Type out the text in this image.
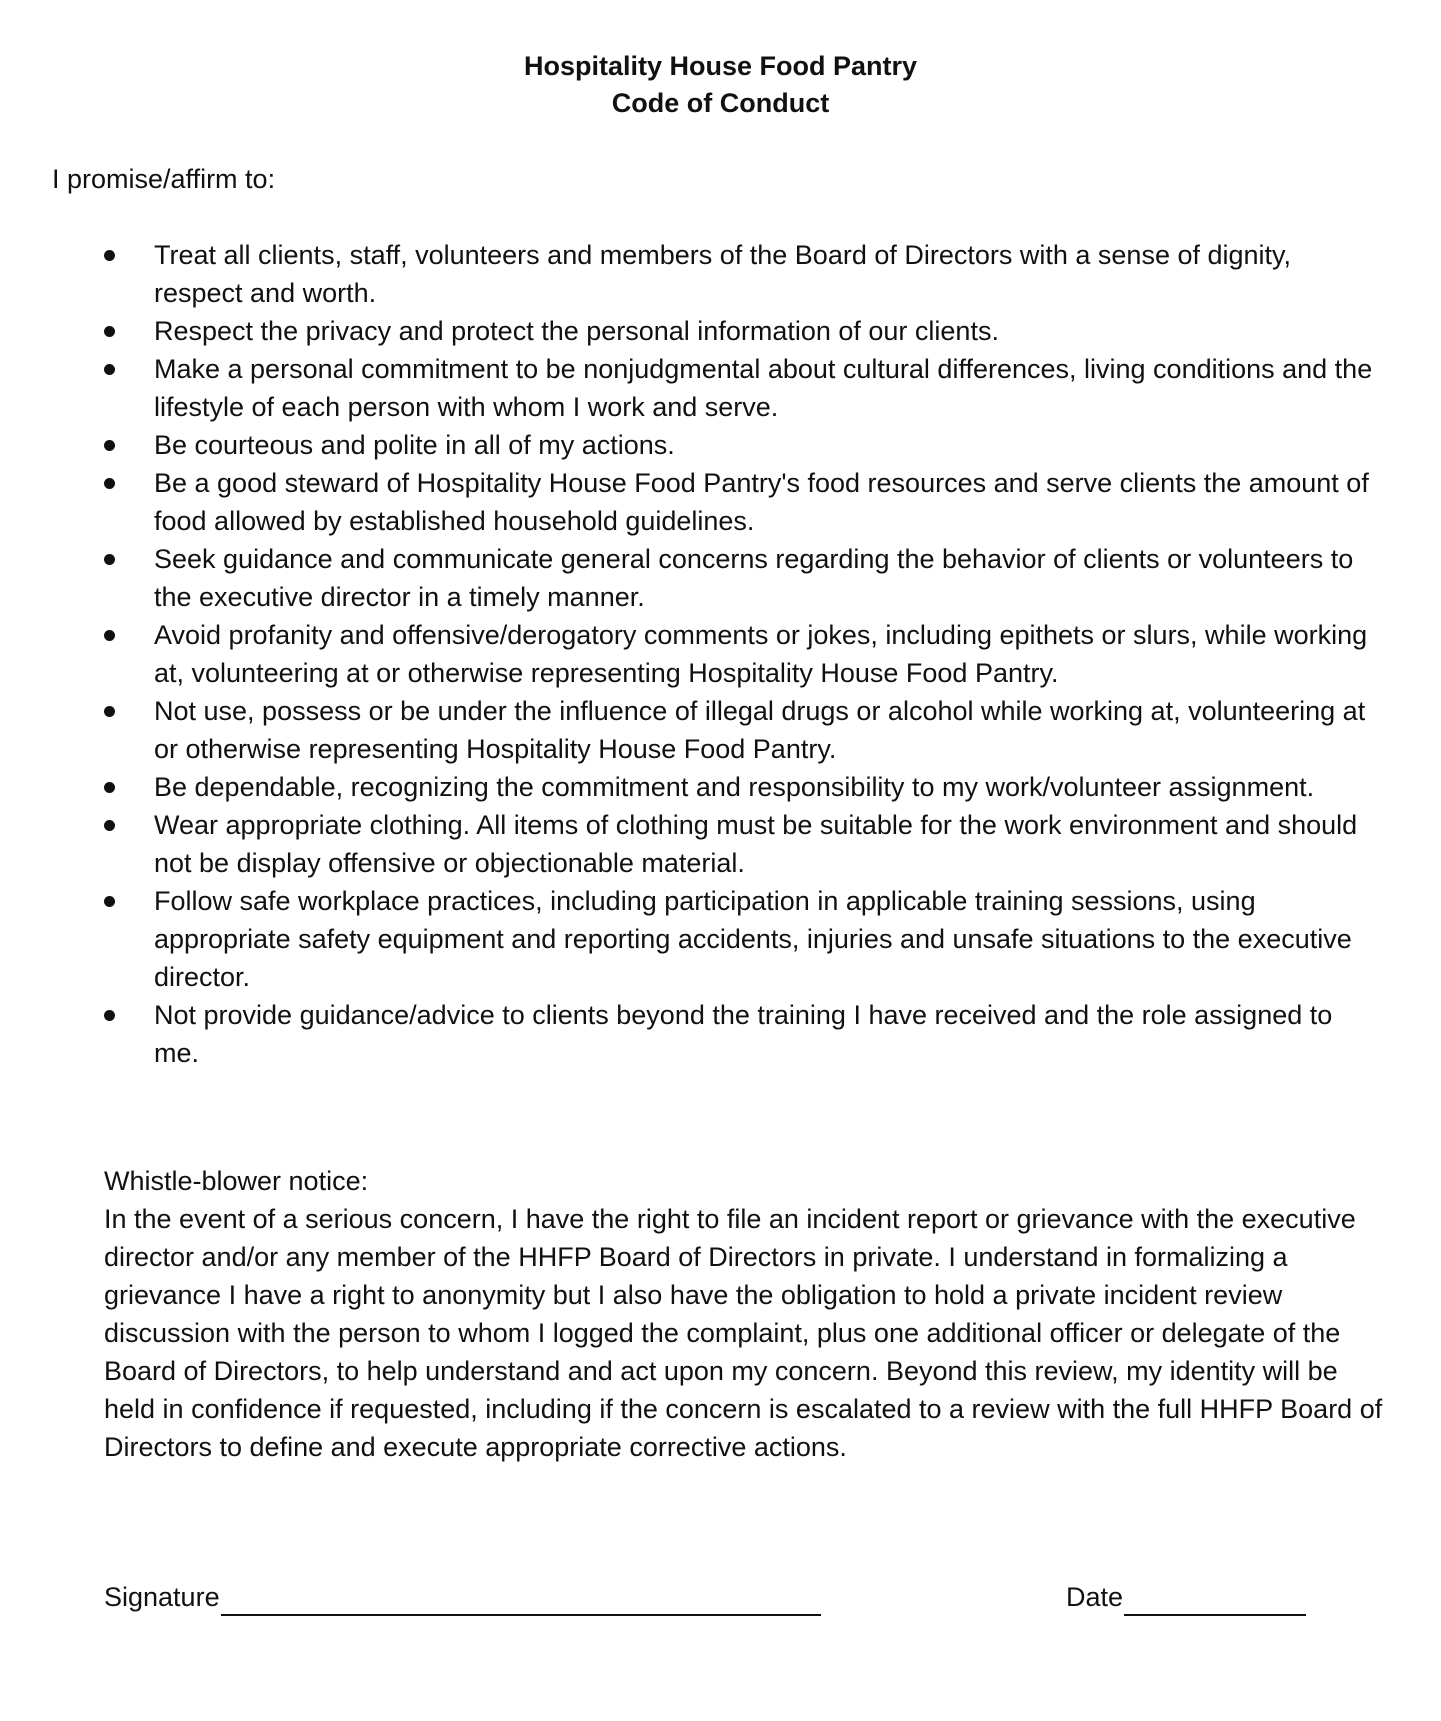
Hospitality House Food Pantry
Code of Conduct

I promise/affirm to:

Treat all clients, staff, volunteers and members of the Board of Directors with a sense of dignity, respect and worth.
Respect the privacy and protect the personal information of our clients.
Make a personal commitment to be nonjudgmental about cultural differences, living conditions and the lifestyle of each person with whom I work and serve.
Be courteous and polite in all of my actions.
Be a good steward of Hospitality House Food Pantry's food resources and serve clients the amount of food allowed by established household guidelines.
Seek guidance and communicate general concerns regarding the behavior of clients or volunteers to the executive director in a timely manner.
Avoid profanity and offensive/derogatory comments or jokes, including epithets or slurs, while working at, volunteering at or otherwise representing Hospitality House Food Pantry.
Not use, possess or be under the influence of illegal drugs or alcohol while working at, volunteering at or otherwise representing Hospitality House Food Pantry.
Be dependable, recognizing the commitment and responsibility to my work/volunteer assignment.
Wear appropriate clothing. All items of clothing must be suitable for the work environment and should not be display offensive or objectionable material.
Follow safe workplace practices, including participation in applicable training sessions, using appropriate safety equipment and reporting accidents, injuries and unsafe situations to the executive director.
Not provide guidance/advice to clients beyond the training I have received and the role assigned to me.

Whistle-blower notice:

In the event of a serious concern, I have the right to file an incident report or grievance with the executive director and/or any member of the HHFP Board of Directors in private. I understand in formalizing a grievance I have a right to anonymity but I also have the obligation to hold a private incident review discussion with the person to whom I logged the complaint, plus one additional officer or delegate of the Board of Directors, to help understand and act upon my concern. Beyond this review, my identity will be held in confidence if requested, including if the concern is escalated to a review with the full HHFP Board of Directors to define and execute appropriate corrective actions.

Signature	Date
